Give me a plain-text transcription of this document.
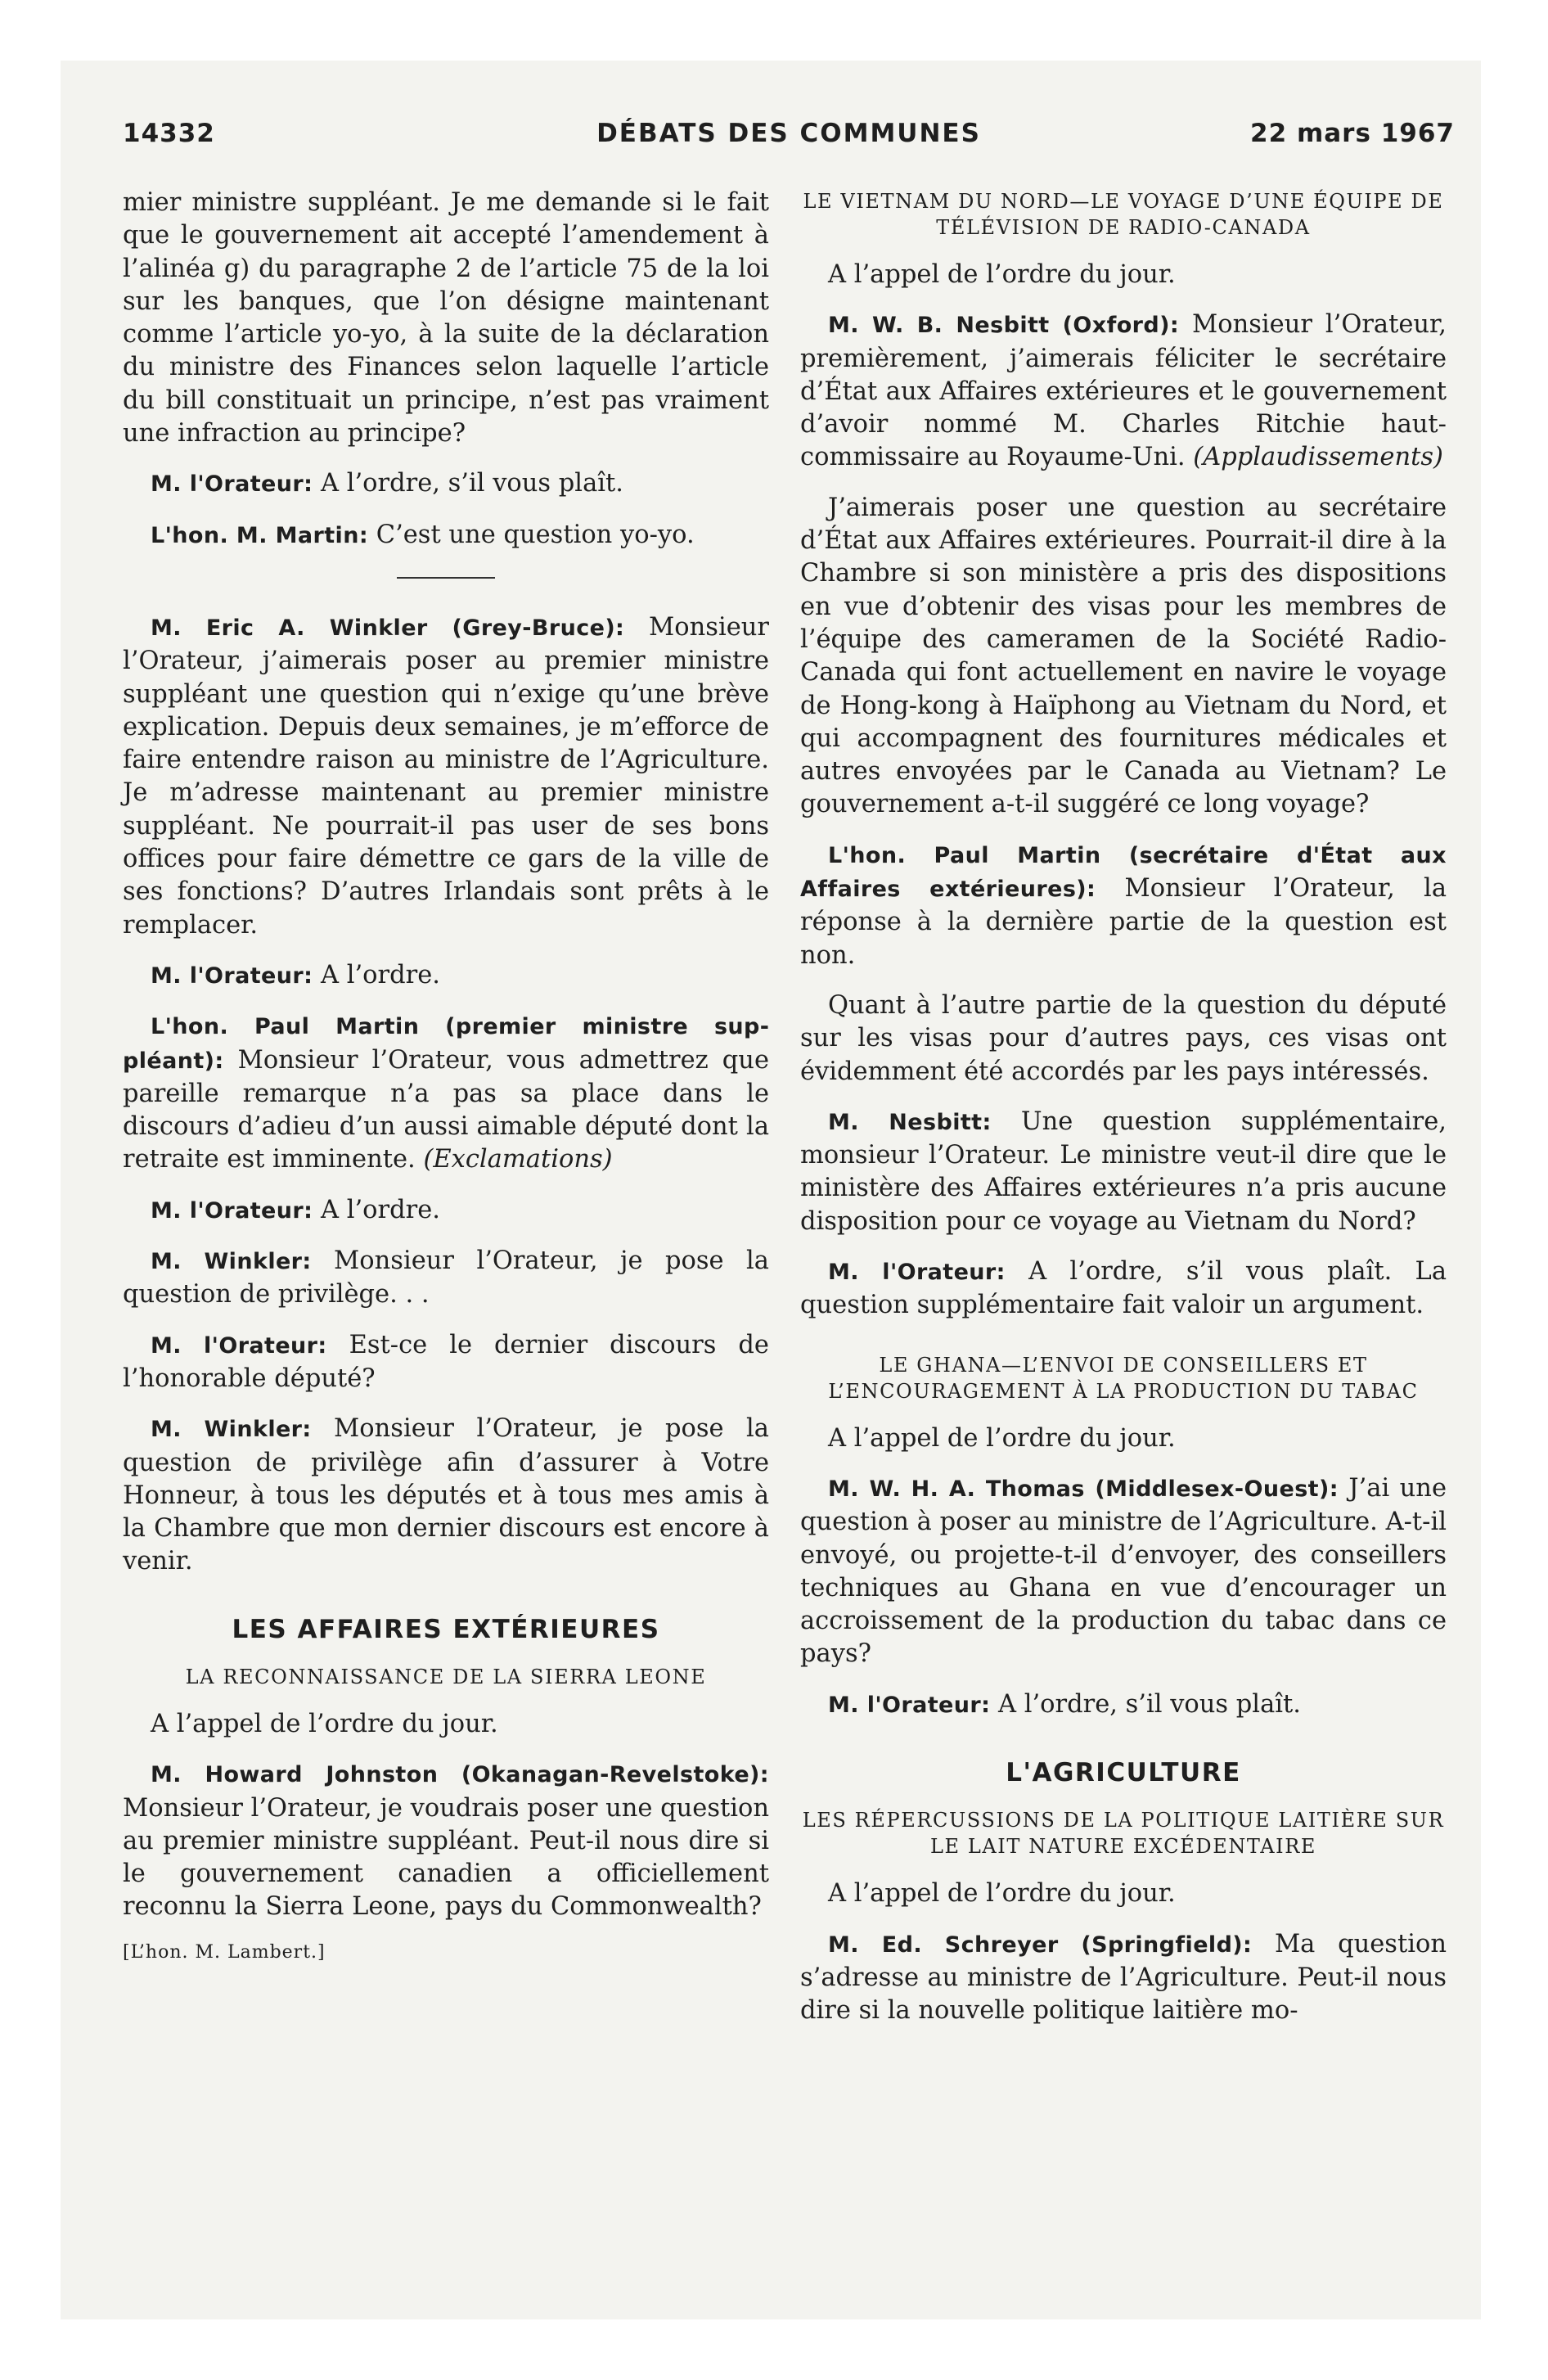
14332	DÉBATS DES COMMUNES	22 mars 1967

mier ministre suppléant. Je me demande si le fait que le gouvernement ait accepté l’amendement à l’alinéa g) du paragraphe 2 de l’article 75 de la loi sur les banques, que l’on désigne maintenant comme l’article yo-yo, à la suite de la déclaration du ministre des Finances selon laquelle l’article du bill constituait un principe, n’est pas vraiment une infraction au principe?

M. l'Orateur: A l’ordre, s’il vous plaît.

L'hon. M. Martin: C’est une question yo-yo.

M. Eric A. Winkler (Grey-Bruce): Monsieur l’Orateur, j’aimerais poser au premier ministre suppléant une question qui n’exige qu’une brève explication. Depuis deux semaines, je m’efforce de faire entendre raison au ministre de l’Agriculture. Je m’adresse maintenant au premier ministre suppléant. Ne pourrait-il pas user de ses bons offices pour faire démettre ce gars de la ville de ses fonctions? D’autres Irlandais sont prêts à le remplacer.

M. l'Orateur: A l’ordre.

L'hon. Paul Martin (premier ministre suppléant): Monsieur l’Orateur, vous admettrez que pareille remarque n’a pas sa place dans le discours d’adieu d’un aussi aimable député dont la retraite est imminente. (Exclamations)

M. l'Orateur: A l’ordre.

M. Winkler: Monsieur l’Orateur, je pose la question de privilège. . .

M. l'Orateur: Est-ce le dernier discours de l’honorable député?

M. Winkler: Monsieur l’Orateur, je pose la question de privilège afin d’assurer à Votre Honneur, à tous les députés et à tous mes amis à la Chambre que mon dernier discours est encore à venir.

LES AFFAIRES EXTÉRIEURES
LA RECONNAISSANCE DE LA SIERRA LEONE

A l’appel de l’ordre du jour.

M. Howard Johnston (Okanagan-Revelstoke): Monsieur l’Orateur, je voudrais poser une question au premier ministre suppléant. Peut-il nous dire si le gouvernement canadien a officiellement reconnu la Sierra Leone, pays du Commonwealth?

[L’hon. M. Lambert.]

LE VIETNAM DU NORD—LE VOYAGE D’UNE ÉQUIPE DE TÉLÉVISION DE RADIO-CANADA

A l’appel de l’ordre du jour.

M. W. B. Nesbitt (Oxford): Monsieur l’Orateur, premièrement, j’aimerais féliciter le secrétaire d’État aux Affaires extérieures et le gouvernement d’avoir nommé M. Charles Ritchie haut-commissaire au Royaume-Uni. (Applaudissements)

J’aimerais poser une question au secrétaire d’État aux Affaires extérieures. Pourrait-il dire à la Chambre si son ministère a pris des dispositions en vue d’obtenir des visas pour les membres de l’équipe des cameramen de la Société Radio-Canada qui font actuellement en navire le voyage de Hong-kong à Haïphong au Vietnam du Nord, et qui accompagnent des fournitures médicales et autres envoyées par le Canada au Vietnam? Le gouvernement a-t-il suggéré ce long voyage?

L'hon. Paul Martin (secrétaire d'État aux Affaires extérieures): Monsieur l’Orateur, la réponse à la dernière partie de la question est non.

Quant à l’autre partie de la question du député sur les visas pour d’autres pays, ces visas ont évidemment été accordés par les pays intéressés.

M. Nesbitt: Une question supplémentaire, monsieur l’Orateur. Le ministre veut-il dire que le ministère des Affaires extérieures n’a pris aucune disposition pour ce voyage au Vietnam du Nord?

M. l'Orateur: A l’ordre, s’il vous plaît. La question supplémentaire fait valoir un argument.

LE GHANA—L’ENVOI DE CONSEILLERS ET L’ENCOURAGEMENT À LA PRODUCTION DU TABAC

A l’appel de l’ordre du jour.

M. W. H. A. Thomas (Middlesex-Ouest): J’ai une question à poser au ministre de l’Agriculture. A-t-il envoyé, ou projette-t-il d’envoyer, des conseillers techniques au Ghana en vue d’encourager un accroissement de la production du tabac dans ce pays?

M. l'Orateur: A l’ordre, s’il vous plaît.

L'AGRICULTURE
LES RÉPERCUSSIONS DE LA POLITIQUE LAITIÈRE SUR LE LAIT NATURE EXCÉDENTAIRE

A l’appel de l’ordre du jour.

M. Ed. Schreyer (Springfield): Ma question s’adresse au ministre de l’Agriculture. Peut-il nous dire si la nouvelle politique laitière mo-
